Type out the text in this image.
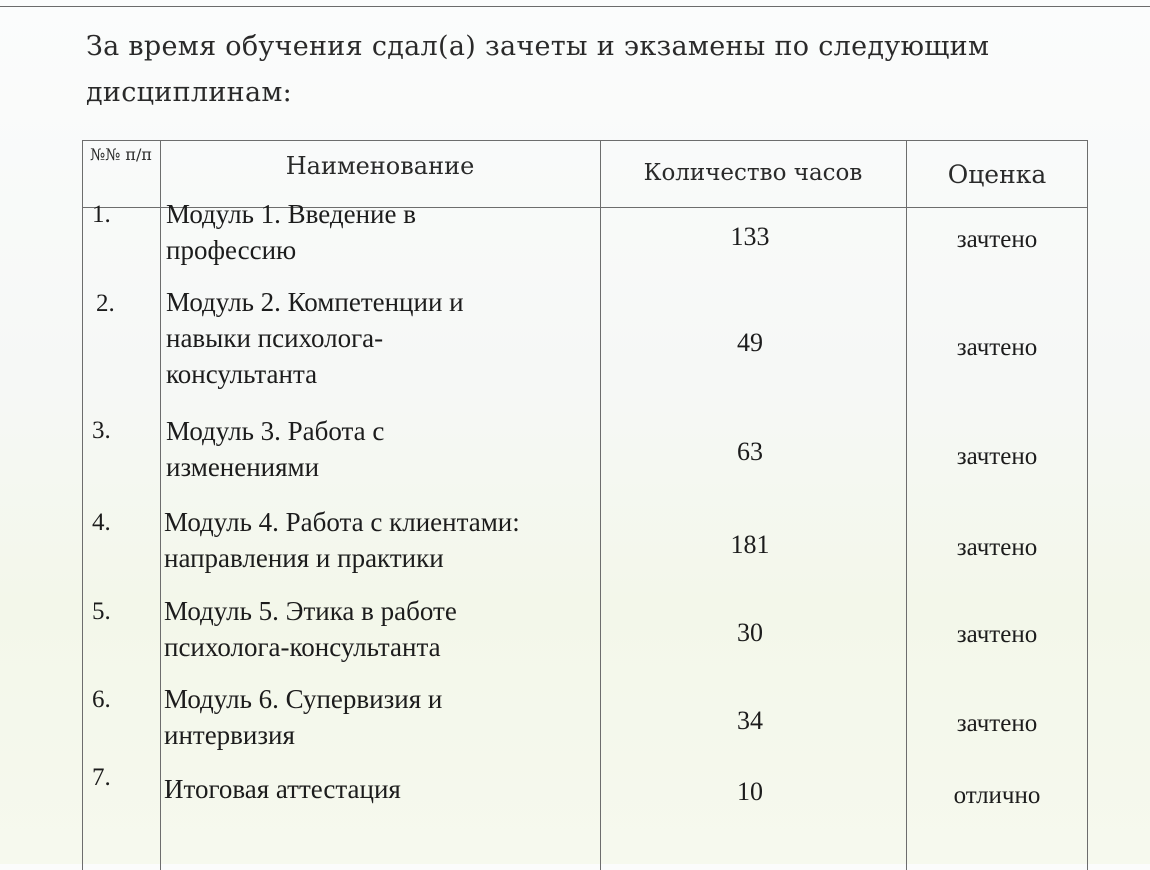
За время обучения сдал(а) зачеты и экзамены по следующим дисциплинам:

№№ п/п	Наименование	Количество часов	Оценка
1. Модуль 1. Введение в
профессию	133	зачтено
2. Модуль 2. Компетенции и
навыки психолога-
консультанта
49	зачтено
3. Модуль 3. Работа с
изменениями
63	зачтено
4. Модуль 4. Работа с клиентами:
направления и практики	181	зачтено
5. Модуль 5. Этика в работе
психолога-консультанта	30	зачтено
6. Модуль 6. Супервизия и
интервизия	34	зачтено
7. Итоговая аттестация	10	отлично
